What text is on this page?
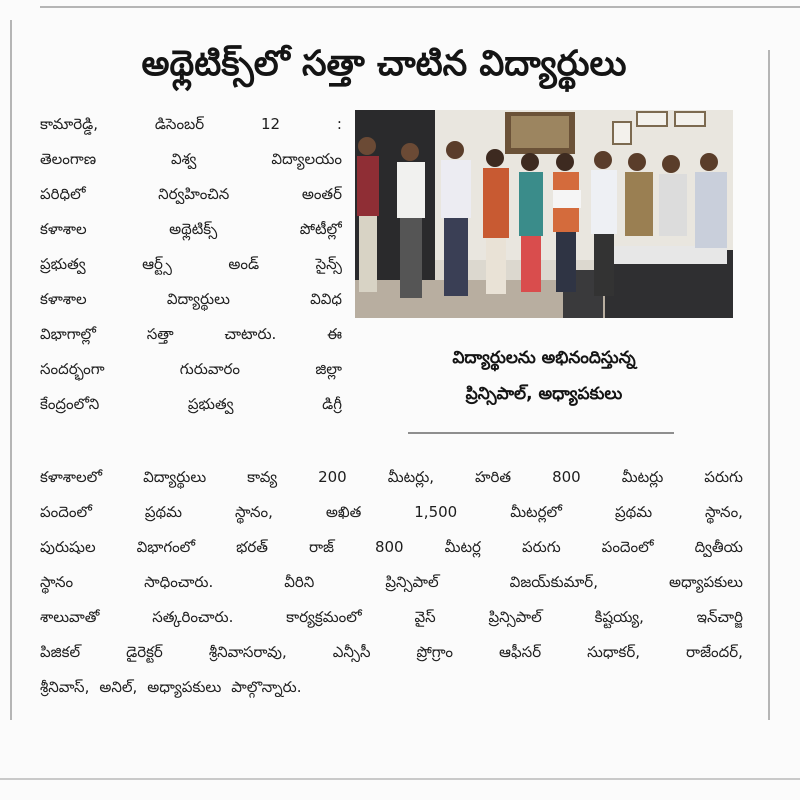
అథ్లెటిక్స్‌లో సత్తా చాటిన విద్యార్థులు
కామారెడ్డి,	డిసెంబర్	12	:
తెలంగాణ	విశ్వ	విద్యాలయం
పరిధిలో	నిర్వహించిన	అంతర్
కళాశాల	అథ్లెటిక్స్	పోటీల్లో
ప్రభుత్వ	ఆర్ట్స్	అండ్	సైన్స్
కళాశాల	విద్యార్థులు	వివిధ
విభాగాల్లో	సత్తా	చాటారు.	ఈ
సందర్భంగా	గురువారం	జిల్లా
కేంద్రంలోని	ప్రభుత్వ	డిగ్రీ
విద్యార్థులను అభినందిస్తున్న
ప్రిన్సిపాల్, అధ్యాపకులు
కళాశాలలో	విద్యార్థులు	కావ్య	200	మీటర్లు,	హరిత	800	మీటర్లు	పరుగు
పందెంలో	ప్రథమ	స్థానం,	అఖిత	1,500	మీటర్లలో	ప్రథమ	స్థానం,
పురుషుల	విభాగంలో	భరత్	రాజ్	800	మీటర్ల	పరుగు	పందెంలో	ద్వితీయ
స్థానం	సాధించారు.	వీరిని	ప్రిన్సిపాల్	విజయ్‌కుమార్,	అధ్యాపకులు
శాలువాతో	సత్కరించారు.	కార్యక్రమంలో	వైస్	ప్రిన్సిపాల్	కిష్టయ్య,	ఇన్‌చార్జి
పిజికల్	డైరెక్టర్	శ్రీనివాసరావు,	ఎన్సీసీ	ప్రోగ్రాం	ఆఫీసర్	సుధాకర్,	రాజేందర్,
శ్రీనివాస్, అనిల్, అధ్యాపకులు పాల్గొన్నారు.
